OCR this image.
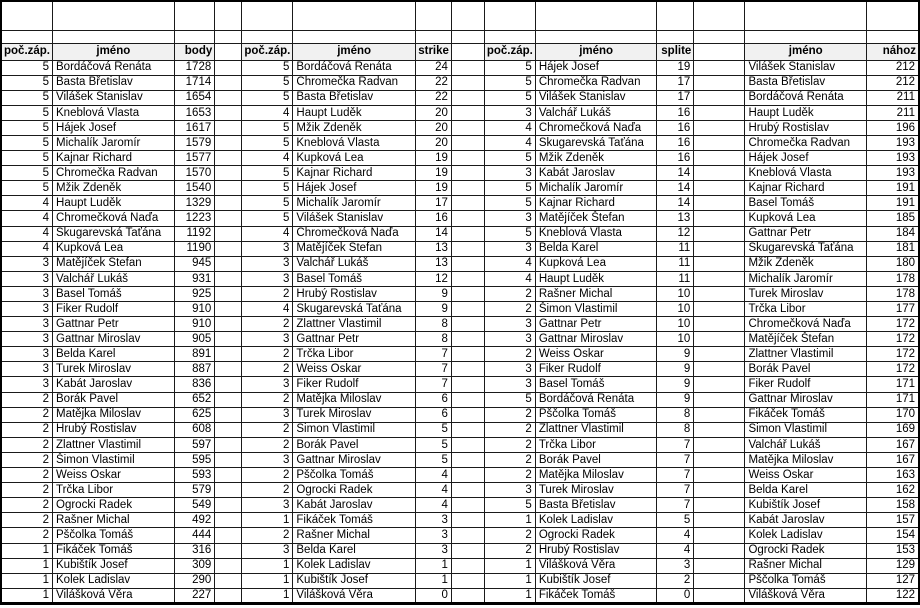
poč.záp.	jméno	body		poč.záp.	jméno	strike		poč.záp.	jméno	splite		jméno	nához
5	Bordáčová Renáta	1728		5	Bordáčová Renáta	24		5	Hájek Josef	19		Vilášek Stanislav	212
5	Basta Břetislav	1714		5	Chromečka Radvan	22		5	Chromečka Radvan	17		Basta Břetislav	212
5	Vilášek Stanislav	1654		5	Basta Břetislav	22		5	Vilášek Stanislav	17		Bordáčová Renáta	211
5	Kneblová Vlasta	1653		4	Haupt Luděk	20		3	Valchář Lukáš	16		Haupt Luděk	211
5	Hájek Josef	1617		5	Mžik Zdeněk	20		4	Chromečková Naďa	16		Hrubý Rostislav	196
5	Michalík Jaromír	1579		5	Kneblová Vlasta	20		4	Skugarevská Taťána	16		Chromečka Radvan	193
5	Kajnar Richard	1577		4	Kupková Lea	19		5	Mžik Zdeněk	16		Hájek Josef	193
5	Chromečka Radvan	1570		5	Kajnar Richard	19		3	Kabát Jaroslav	14		Kneblová Vlasta	193
5	Mžik Zdeněk	1540		5	Hájek Josef	19		5	Michalík Jaromír	14		Kajnar Richard	191
4	Haupt Luděk	1329		5	Michalík Jaromír	17		5	Kajnar Richard	14		Basel Tomáš	191
4	Chromečková Naďa	1223		5	Vilášek Stanislav	16		3	Matějíček Štefan	13		Kupková Lea	185
4	Skugarevská Taťána	1192		4	Chromečková Naďa	14		5	Kneblová Vlasta	12		Gattnar Petr	184
4	Kupková Lea	1190		3	Matějíček Štefan	13		3	Belda Karel	11		Skugarevská Taťána	181
3	Matějíček Štefan	945		3	Valchář Lukáš	13		4	Kupková Lea	11		Mžik Zdeněk	180
3	Valchář Lukáš	931		3	Basel Tomáš	12		4	Haupt Luděk	11		Michalík Jaromír	178
3	Basel Tomáš	925		2	Hrubý Rostislav	9		2	Rašner Michal	10		Turek Miroslav	178
3	Fiker Rudolf	910		4	Skugarevská Taťána	9		2	Šimon Vlastimil	10		Trčka Libor	177
3	Gattnar Petr	910		2	Zlattner Vlastimil	8		3	Gattnar Petr	10		Chromečková Naďa	172
3	Gattnar Miroslav	905		3	Gattnar Petr	8		3	Gattnar Miroslav	10		Matějíček Štefan	172
3	Belda Karel	891		2	Trčka Libor	7		2	Weiss Oskar	9		Zlattner Vlastimil	172
3	Turek Miroslav	887		2	Weiss Oskar	7		3	Fiker Rudolf	9		Borák Pavel	172
3	Kabát Jaroslav	836		3	Fiker Rudolf	7		3	Basel Tomáš	9		Fiker Rudolf	171
2	Borák Pavel	652		2	Matějka Miloslav	6		5	Bordáčová Renáta	9		Gattnar Miroslav	171
2	Matějka Miloslav	625		3	Turek Miroslav	6		2	Pščolka Tomáš	8		Fikáček Tomáš	170
2	Hrubý Rostislav	608		2	Šimon Vlastimil	5		2	Zlattner Vlastimil	8		Šimon Vlastimil	169
2	Zlattner Vlastimil	597		2	Borák Pavel	5		2	Trčka Libor	7		Valchář Lukáš	167
2	Šimon Vlastimil	595		3	Gattnar Miroslav	5		2	Borák Pavel	7		Matějka Miloslav	167
2	Weiss Oskar	593		2	Pščolka Tomáš	4		2	Matějka Miloslav	7		Weiss Oskar	163
2	Trčka Libor	579		2	Ogrocki Radek	4		3	Turek Miroslav	7		Belda Karel	162
2	Ogrocki Radek	549		3	Kabát Jaroslav	4		5	Basta Břetislav	7		Kubištík Josef	158
2	Rašner Michal	492		1	Fikáček Tomáš	3		1	Kolek Ladislav	5		Kabát Jaroslav	157
2	Pščolka Tomáš	444		2	Rašner Michal	3		2	Ogrocki Radek	4		Kolek Ladislav	154
1	Fikáček Tomáš	316		3	Belda Karel	3		2	Hrubý Rostislav	4		Ogrocki Radek	153
1	Kubištík Josef	309		1	Kolek Ladislav	1		1	Vilášková Věra	3		Rašner Michal	129
1	Kolek Ladislav	290		1	Kubištík Josef	1		1	Kubištík Josef	2		Pščolka Tomáš	127
1	Vilášková Věra	227		1	Vilášková Věra	0		1	Fikáček Tomáš	0		Vilášková Věra	122
